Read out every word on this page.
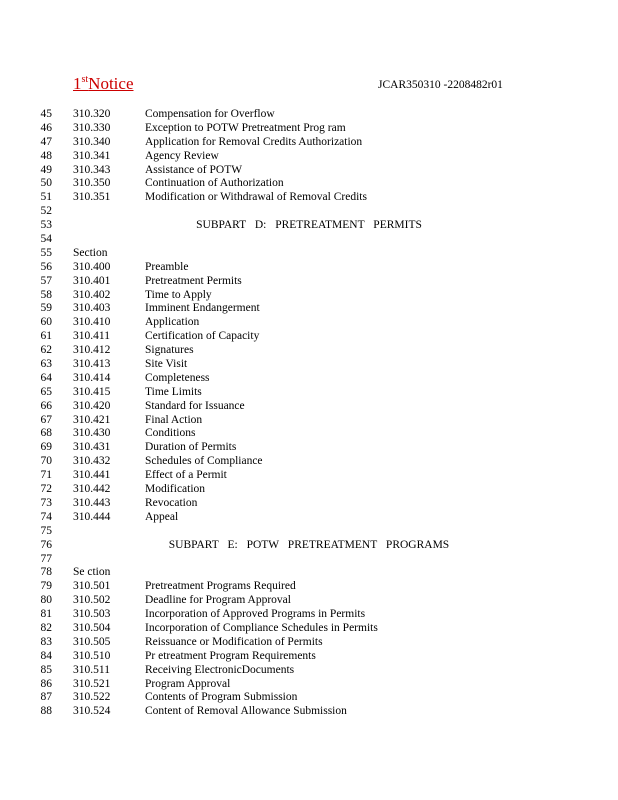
1stNotice	JCAR350310 -2208482r01
45 310.320	Compensation for Overflow
46 310.330	Exception to POTW Pretreatment Prog ram
47 310.340	Application for Removal Credits Authorization
48 310.341	Agency Review
49 310.343	Assistance of POTW
50 310.350	Continuation of Authorization
51 310.351	Modification or Withdrawal of Removal Credits
52
53	SUBPART D: PRETREATMENT PERMITS
54
55 Section
56 310.400	Preamble
57 310.401	Pretreatment Permits
58 310.402	Time to Apply
59 310.403	Imminent Endangerment
60 310.410	Application
61 310.411	Certification of Capacity
62 310.412	Signatures
63 310.413	Site Visit
64 310.414	Completeness
65 310.415	Time Limits
66 310.420	Standard for Issuance
67 310.421	Final Action
68 310.430	Conditions
69 310.431	Duration of Permits
70 310.432	Schedules of Compliance
71 310.441	Effect of a Permit
72 310.442	Modification
73 310.443	Revocation
74 310.444	Appeal
75
76	SUBPART E: POTW PRETREATMENT PROGRAMS
77
78 Se ction
79 310.501	Pretreatment Programs Required
80 310.502	Deadline for Program Approval
81 310.503	Incorporation of Approved Programs in Permits
82 310.504	Incorporation of Compliance Schedules in Permits
83 310.505	Reissuance or Modification of Permits
84 310.510	Pr etreatment Program Requirements
85 310.511	Receiving ElectronicDocuments
86 310.521	Program Approval
87 310.522	Contents of Program Submission
88 310.524	Content of Removal Allowance Submission
